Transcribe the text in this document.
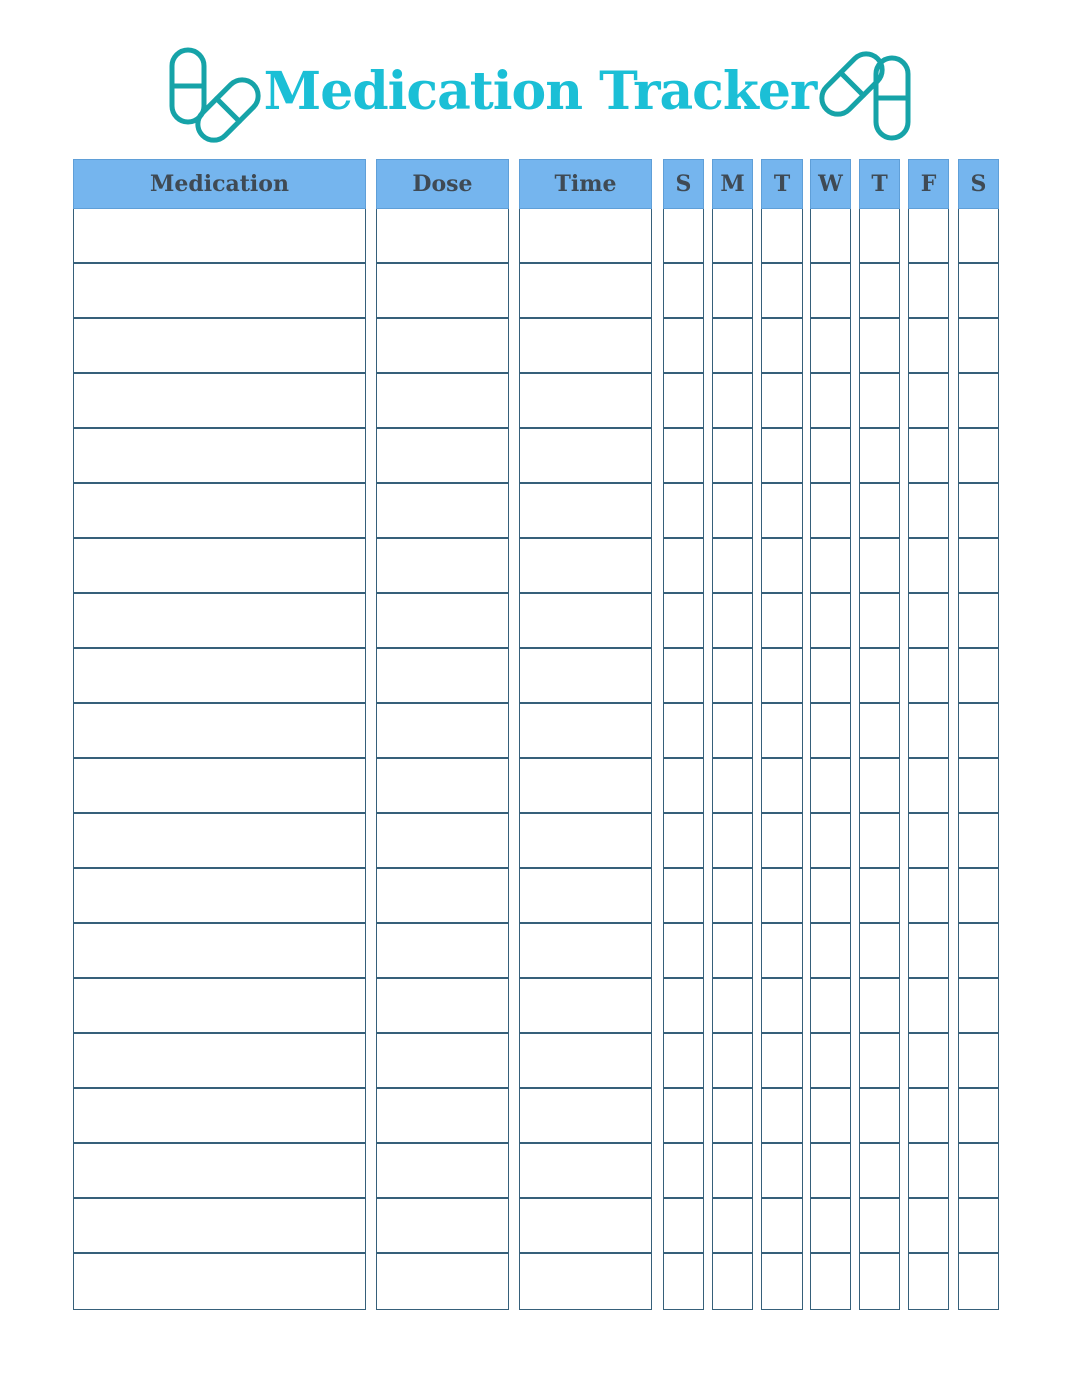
Medication Tracker
Medication	Dose	Time	S	M	T	W	T	F	S
